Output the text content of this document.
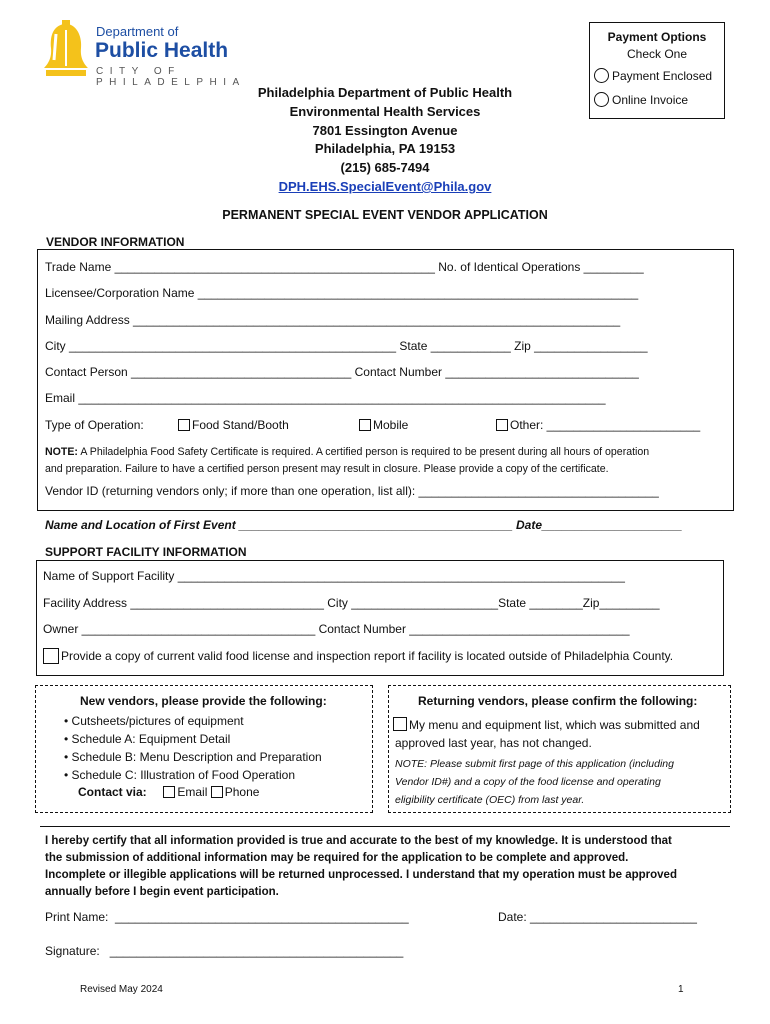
Department of
Public Health
CITY OF PHILADELPHIA
Payment Options
Check One
Payment Enclosed
Online Invoice
Philadelphia Department of Public Health
Environmental Health Services
7801 Essington Avenue
Philadelphia, PA 19153
(215) 685-7494
DPH.EHS.SpecialEvent@Phila.gov
PERMANENT SPECIAL EVENT VENDOR APPLICATION
VENDOR INFORMATION
Trade Name ________________________________________________ No. of Identical Operations _________
Licensee/Corporation Name __________________________________________________________________
Mailing Address _________________________________________________________________________
City _________________________________________________ State ____________ Zip _________________
Contact Person _________________________________ Contact Number _____________________________
Email _______________________________________________________________________________
Type of Operation:	Food Stand/Booth	Mobile	Other: _______________________
NOTE: A Philadelphia Food Safety Certificate is required. A certified person is required to be present during all hours of operation
and preparation. Failure to have a certified person present may result in closure. Please provide a copy of the certificate.
Vendor ID (returning vendors only; if more than one operation, list all): ____________________________________
Name and Location of First Event _________________________________________ Date_____________________
SUPPORT FACILITY INFORMATION
Name of Support Facility ___________________________________________________________________
Facility Address _____________________________ City ______________________State ________Zip_________
Owner ___________________________________ Contact Number _________________________________
Provide a copy of current valid food license and inspection report if facility is located outside of Philadelphia County.
New vendors, please provide the following:
• Cutsheets/pictures of equipment
• Schedule A: Equipment Detail
• Schedule B: Menu Description and Preparation
• Schedule C: Illustration of Food Operation
Contact via:	Email Phone
Returning vendors, please confirm the following:
My menu and equipment list, which was submitted and
approved last year, has not changed.
NOTE: Please submit first page of this application (including
Vendor ID#) and a copy of the food license and operating
eligibility certificate (OEC) from last year.
I hereby certify that all information provided is true and accurate to the best of my knowledge. It is understood that
the submission of additional information may be required for the application to be complete and approved.
Incomplete or illegible applications will be returned unprocessed. I understand that my operation must be approved
annually before I begin event participation.
Print Name:  ____________________________________________	Date: _________________________
Signature:   ____________________________________________
Revised May 2024	1
